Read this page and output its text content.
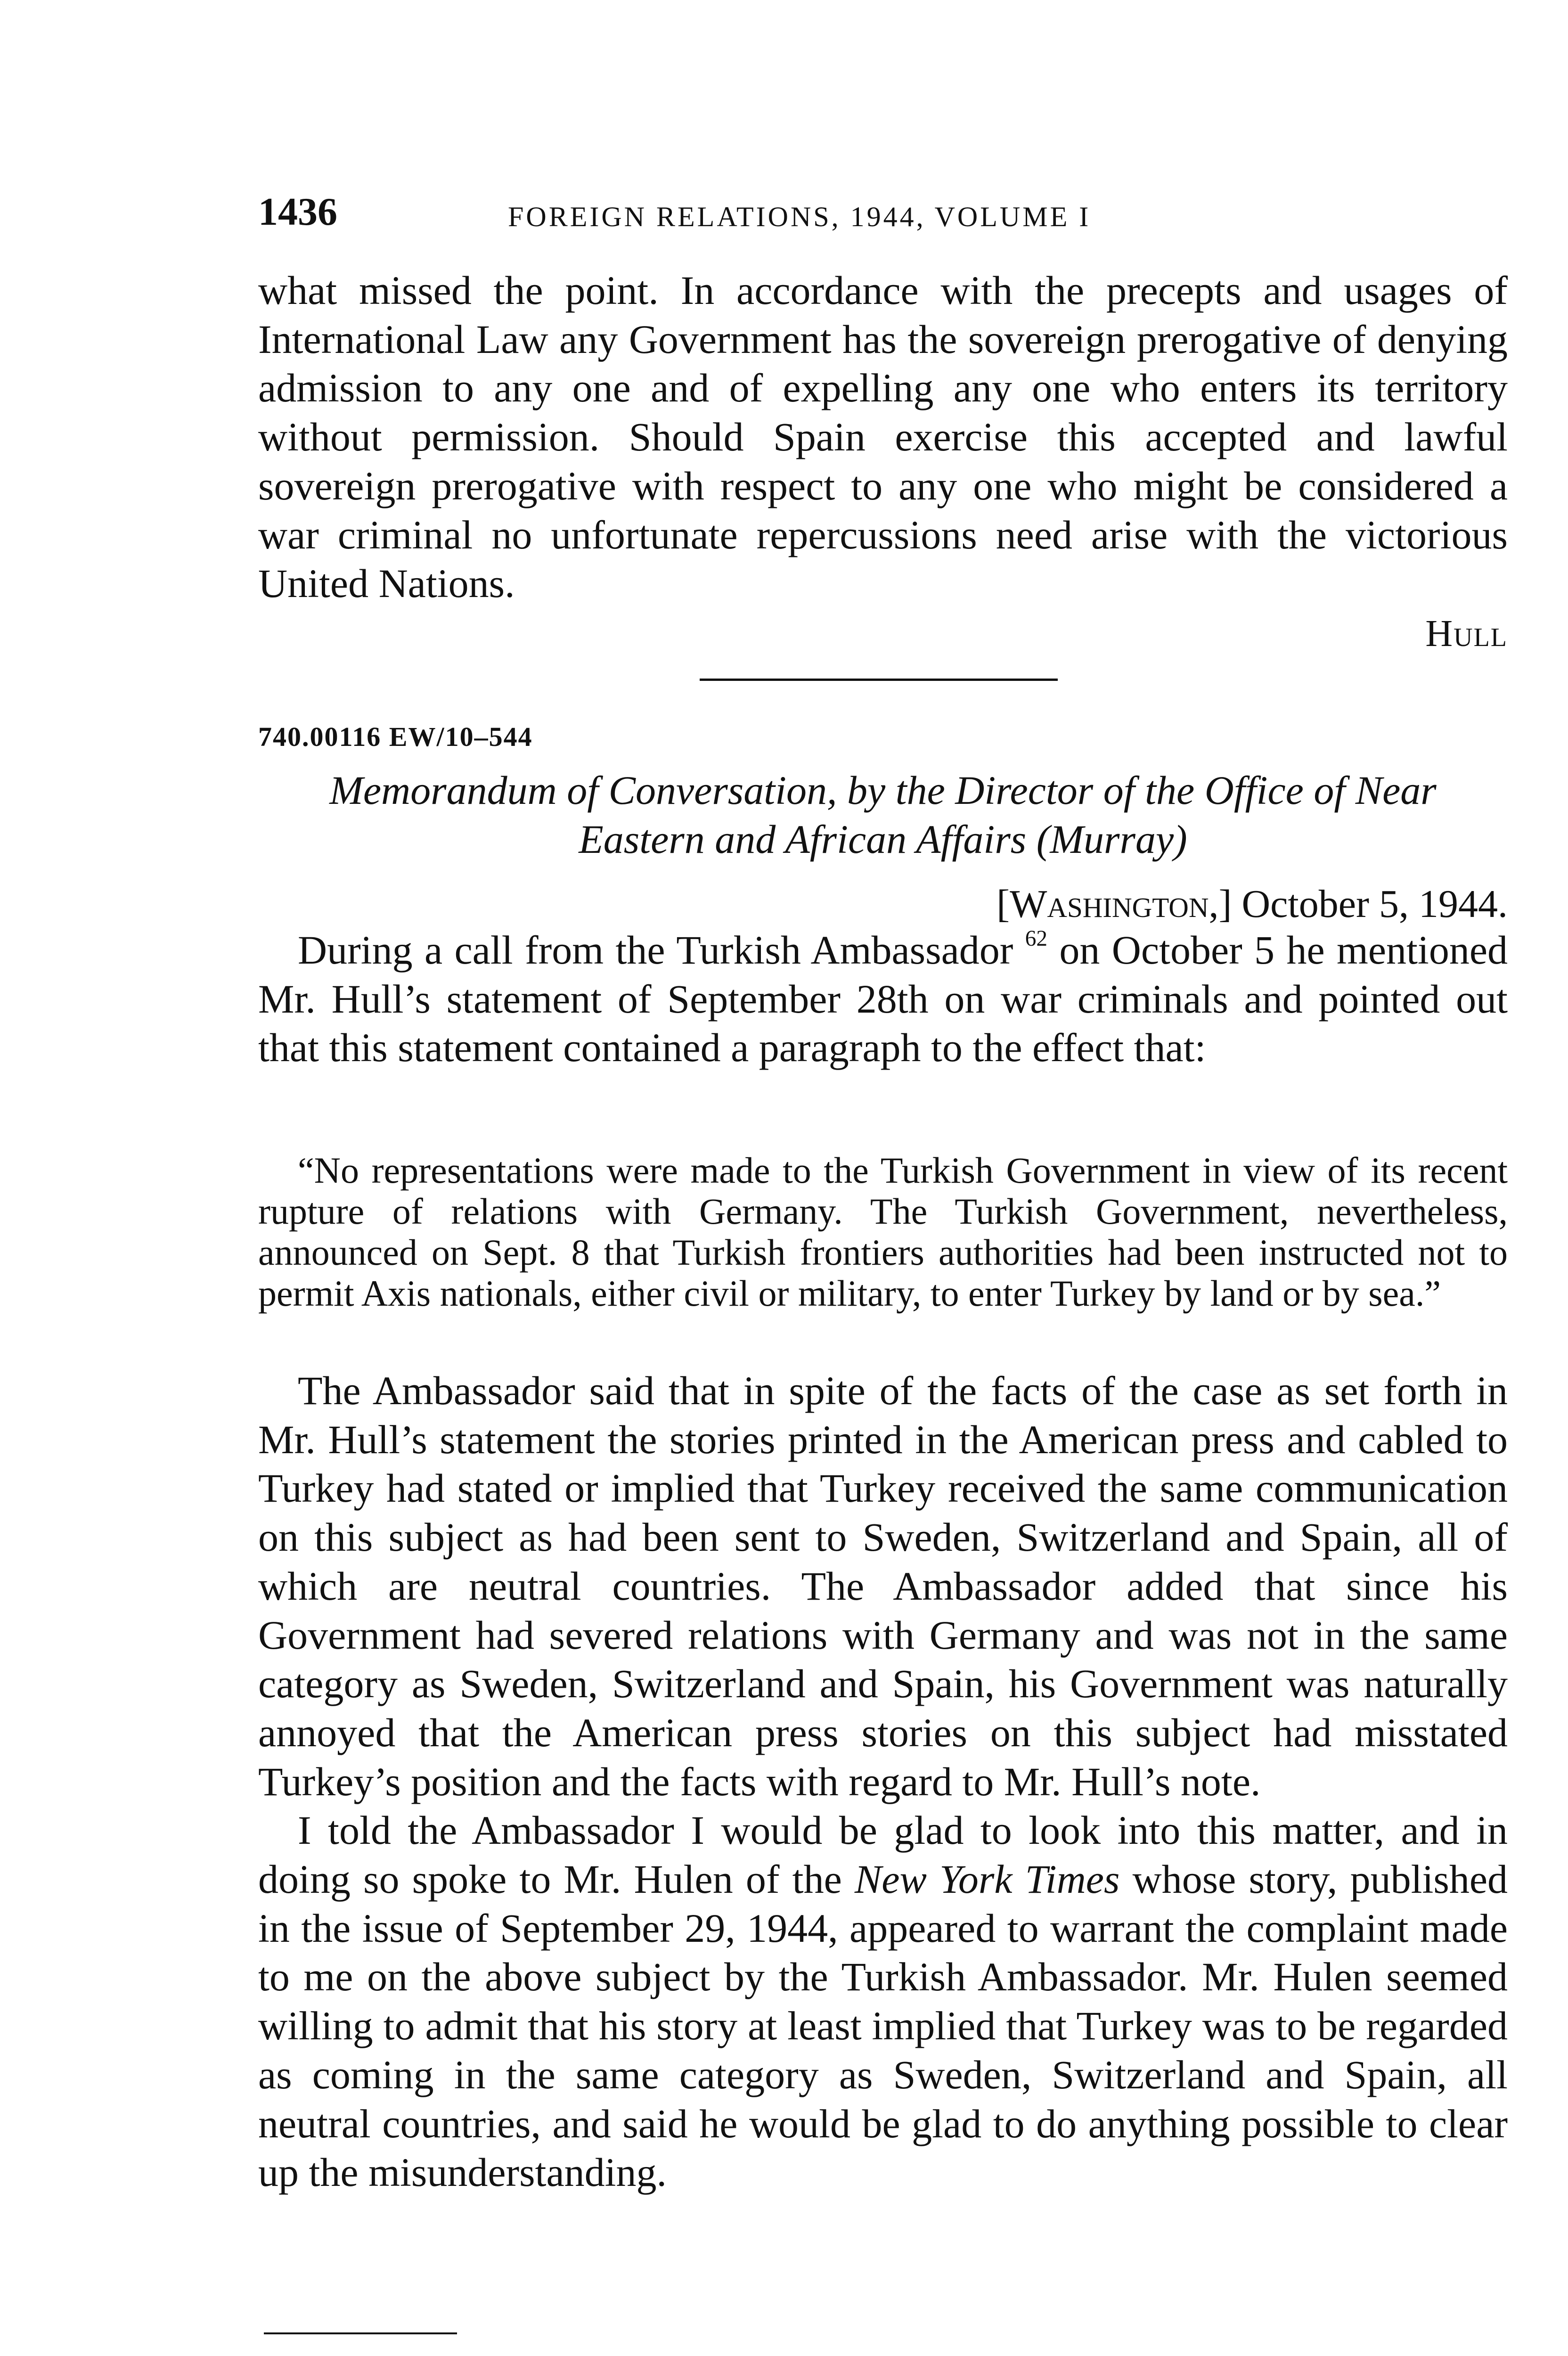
1436	FOREIGN RELATIONS, 1944, VOLUME I

what missed the point. In accordance with the precepts and usages of International Law any Government has the sovereign prerogative of denying admission to any one and of expelling any one who enters its territory without permission. Should Spain exercise this accepted and lawful sovereign prerogative with respect to any one who might be considered a war criminal no unfortunate repercussions need arise with the victorious United Nations.

Hull
740.00116 EW/10–544
Memorandum of Conversation, by the Director of the Office of Near
Eastern and African Affairs (Murray)
[Washington,] October 5, 1944.

During a call from the Turkish Ambassador $^{62}$ on October 5 he mentioned Mr. Hull’s statement of September 28th on war criminals and pointed out that this statement contained a paragraph to the effect that:

“No representations were made to the Turkish Government in view of its recent rupture of relations with Germany. The Turkish Government, nevertheless, announced on Sept. 8 that Turkish frontiers authorities had been instructed not to permit Axis nationals, either civil or military, to enter Turkey by land or by sea.”

The Ambassador said that in spite of the facts of the case as set forth in Mr. Hull’s statement the stories printed in the American press and cabled to Turkey had stated or implied that Turkey received the same communication on this subject as had been sent to Sweden, Switzerland and Spain, all of which are neutral countries. The Ambassador added that since his Government had severed relations with Germany and was not in the same category as Sweden, Switzerland and Spain, his Government was naturally annoyed that the American press stories on this subject had misstated Turkey’s position and the facts with regard to Mr. Hull’s note.

I told the Ambassador I would be glad to look into this matter, and in doing so spoke to Mr. Hulen of the New York Times whose story, published in the issue of September 29, 1944, appeared to warrant the complaint made to me on the above subject by the Turkish Ambassador. Mr. Hulen seemed willing to admit that his story at least implied that Turkey was to be regarded as coming in the same category as Sweden, Switzerland and Spain, all neutral countries, and said he would be glad to do anything possible to clear up the misunderstanding.
